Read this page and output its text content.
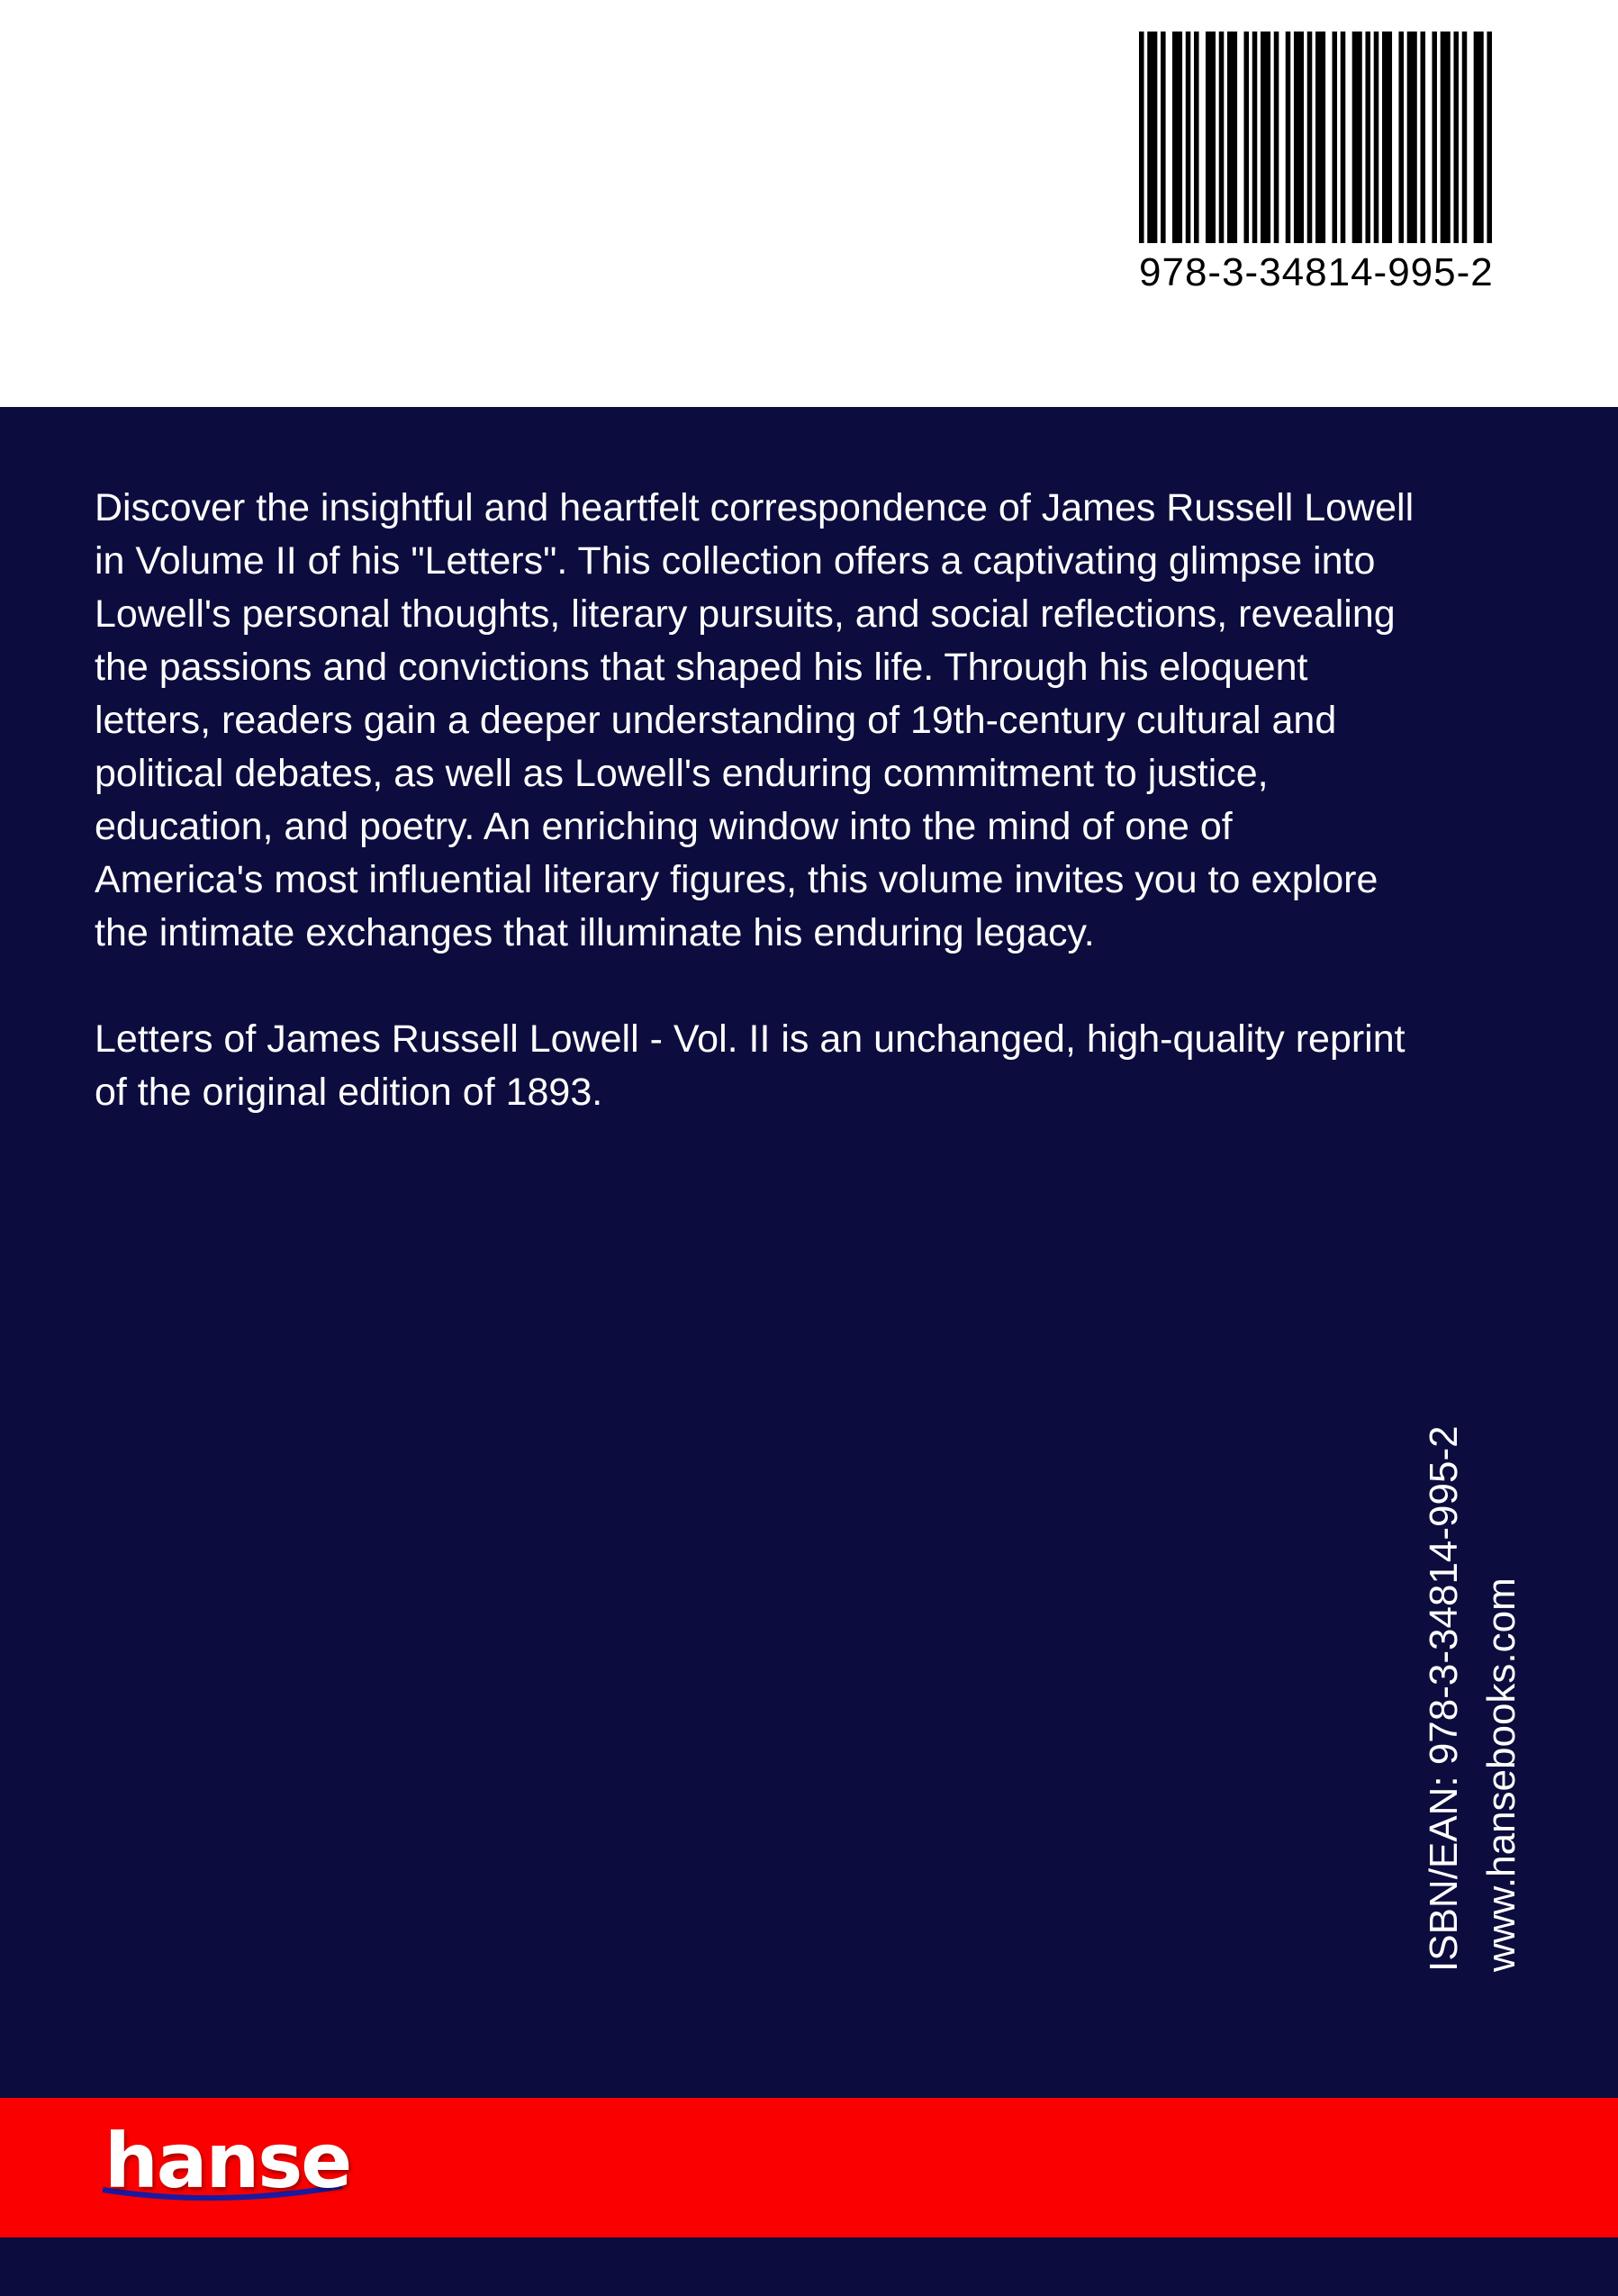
978-3-34814-995-2

Discover the insightful and heartfelt correspondence of James Russell Lowell
in Volume II of his "Letters". This collection offers a captivating glimpse into
Lowell's personal thoughts, literary pursuits, and social reflections, revealing
the passions and convictions that shaped his life. Through his eloquent
letters, readers gain a deeper understanding of 19th-century cultural and
political debates, as well as Lowell's enduring commitment to justice,
education, and poetry. An enriching window into the mind of one of
America's most influential literary figures, this volume invites you to explore
the intimate exchanges that illuminate his enduring legacy.

Letters of James Russell Lowell - Vol. II is an unchanged, high-quality reprint
of the original edition of 1893.

ISBN/EAN: 978-3-34814-995-2 www.hansebooks.com
hanse
